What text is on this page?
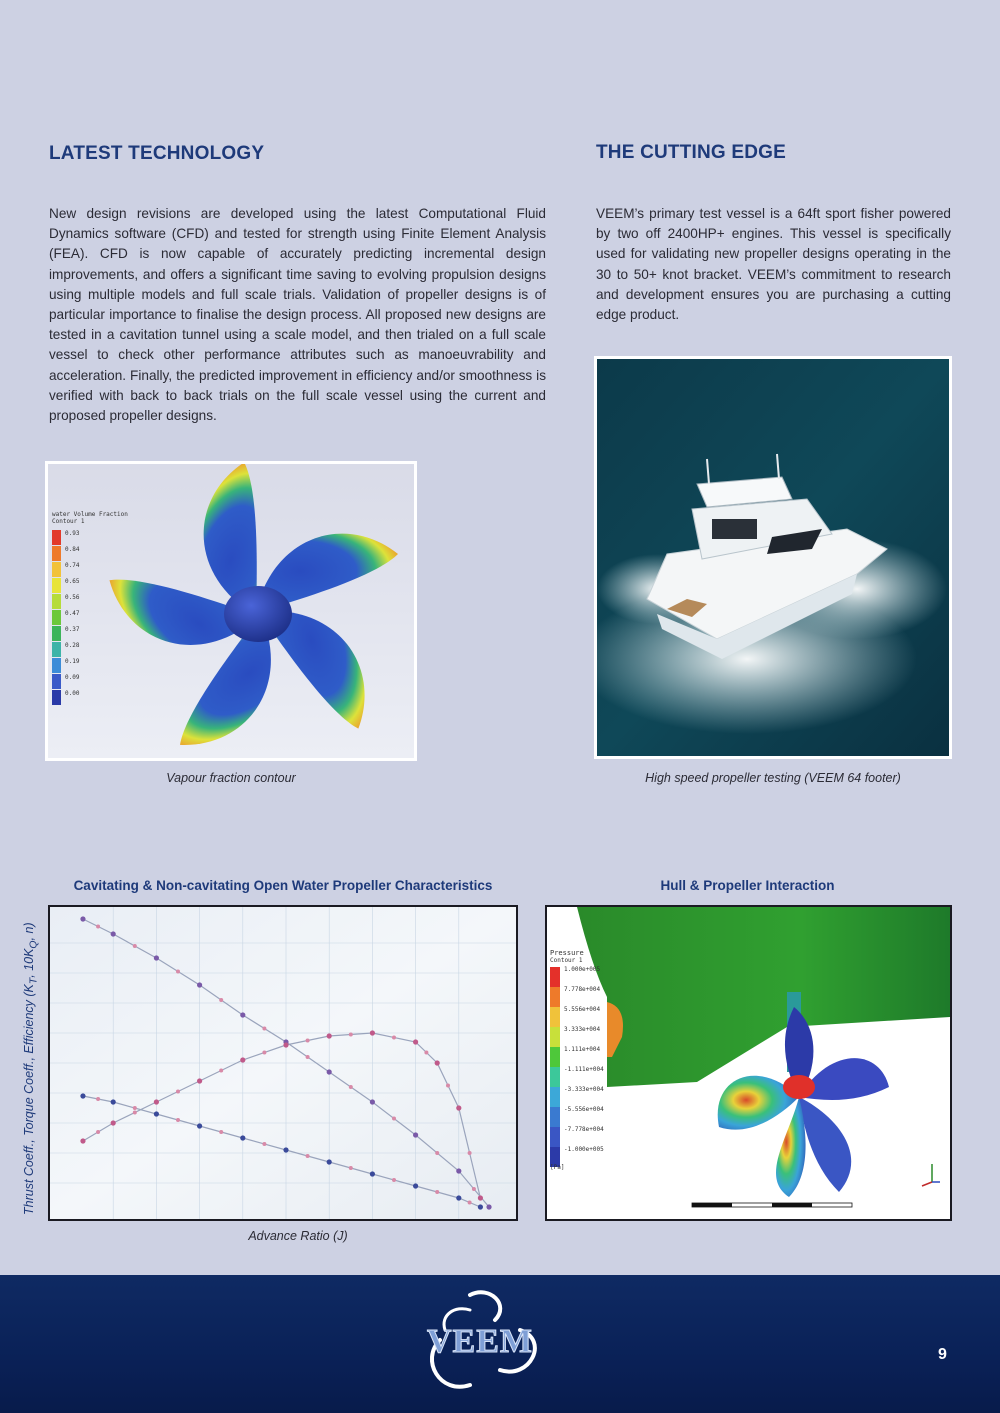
LATEST TECHNOLOGY
New design revisions are developed using the latest Computational Fluid Dynamics software (CFD) and tested for strength using Finite Element Analysis (FEA). CFD is now capable of accurately predicting incremental design improvements, and offers a significant time saving to evolving propulsion designs using multiple models and full scale trials. Validation of propeller designs is of particular importance to finalise the design process. All proposed new designs are tested in a cavitation tunnel using a scale model, and then trialed on a full scale vessel to check other performance attributes such as manoeuvrability and acceleration. Finally, the predicted improvement in efficiency and/or smoothness is verified with back to back trials on the full scale vessel using the current and proposed propeller designs.
water Volume Fraction
Contour 1
0.93
0.84
0.74
0.65
0.56
0.47
0.37
0.28
0.19
0.09
0.00
Vapour fraction contour
THE CUTTING EDGE
VEEM’s primary test vessel is a 64ft sport fisher powered by two off 2400HP+ engines. This vessel is specifically used for validating new propeller designs operating in the 30 to 50+ knot bracket. VEEM’s commitment to research and development ensures you are purchasing a cutting edge product.
High speed propeller testing (VEEM 64 footer)
Cavitating & Non-cavitating Open Water Propeller Characteristics
Thrust Coeff., Torque Coeff., Efficiency ($K_T$, $10K_Q$, n)
Advance Ratio (J)
Hull & Propeller Interaction
Pressure
Contour 1
1.000e+005
7.778e+004
5.556e+004
3.333e+004
1.111e+004
-1.111e+004
-3.333e+004
-5.556e+004
-7.778e+004
-1.000e+005
[Pa]
VEEM	9
